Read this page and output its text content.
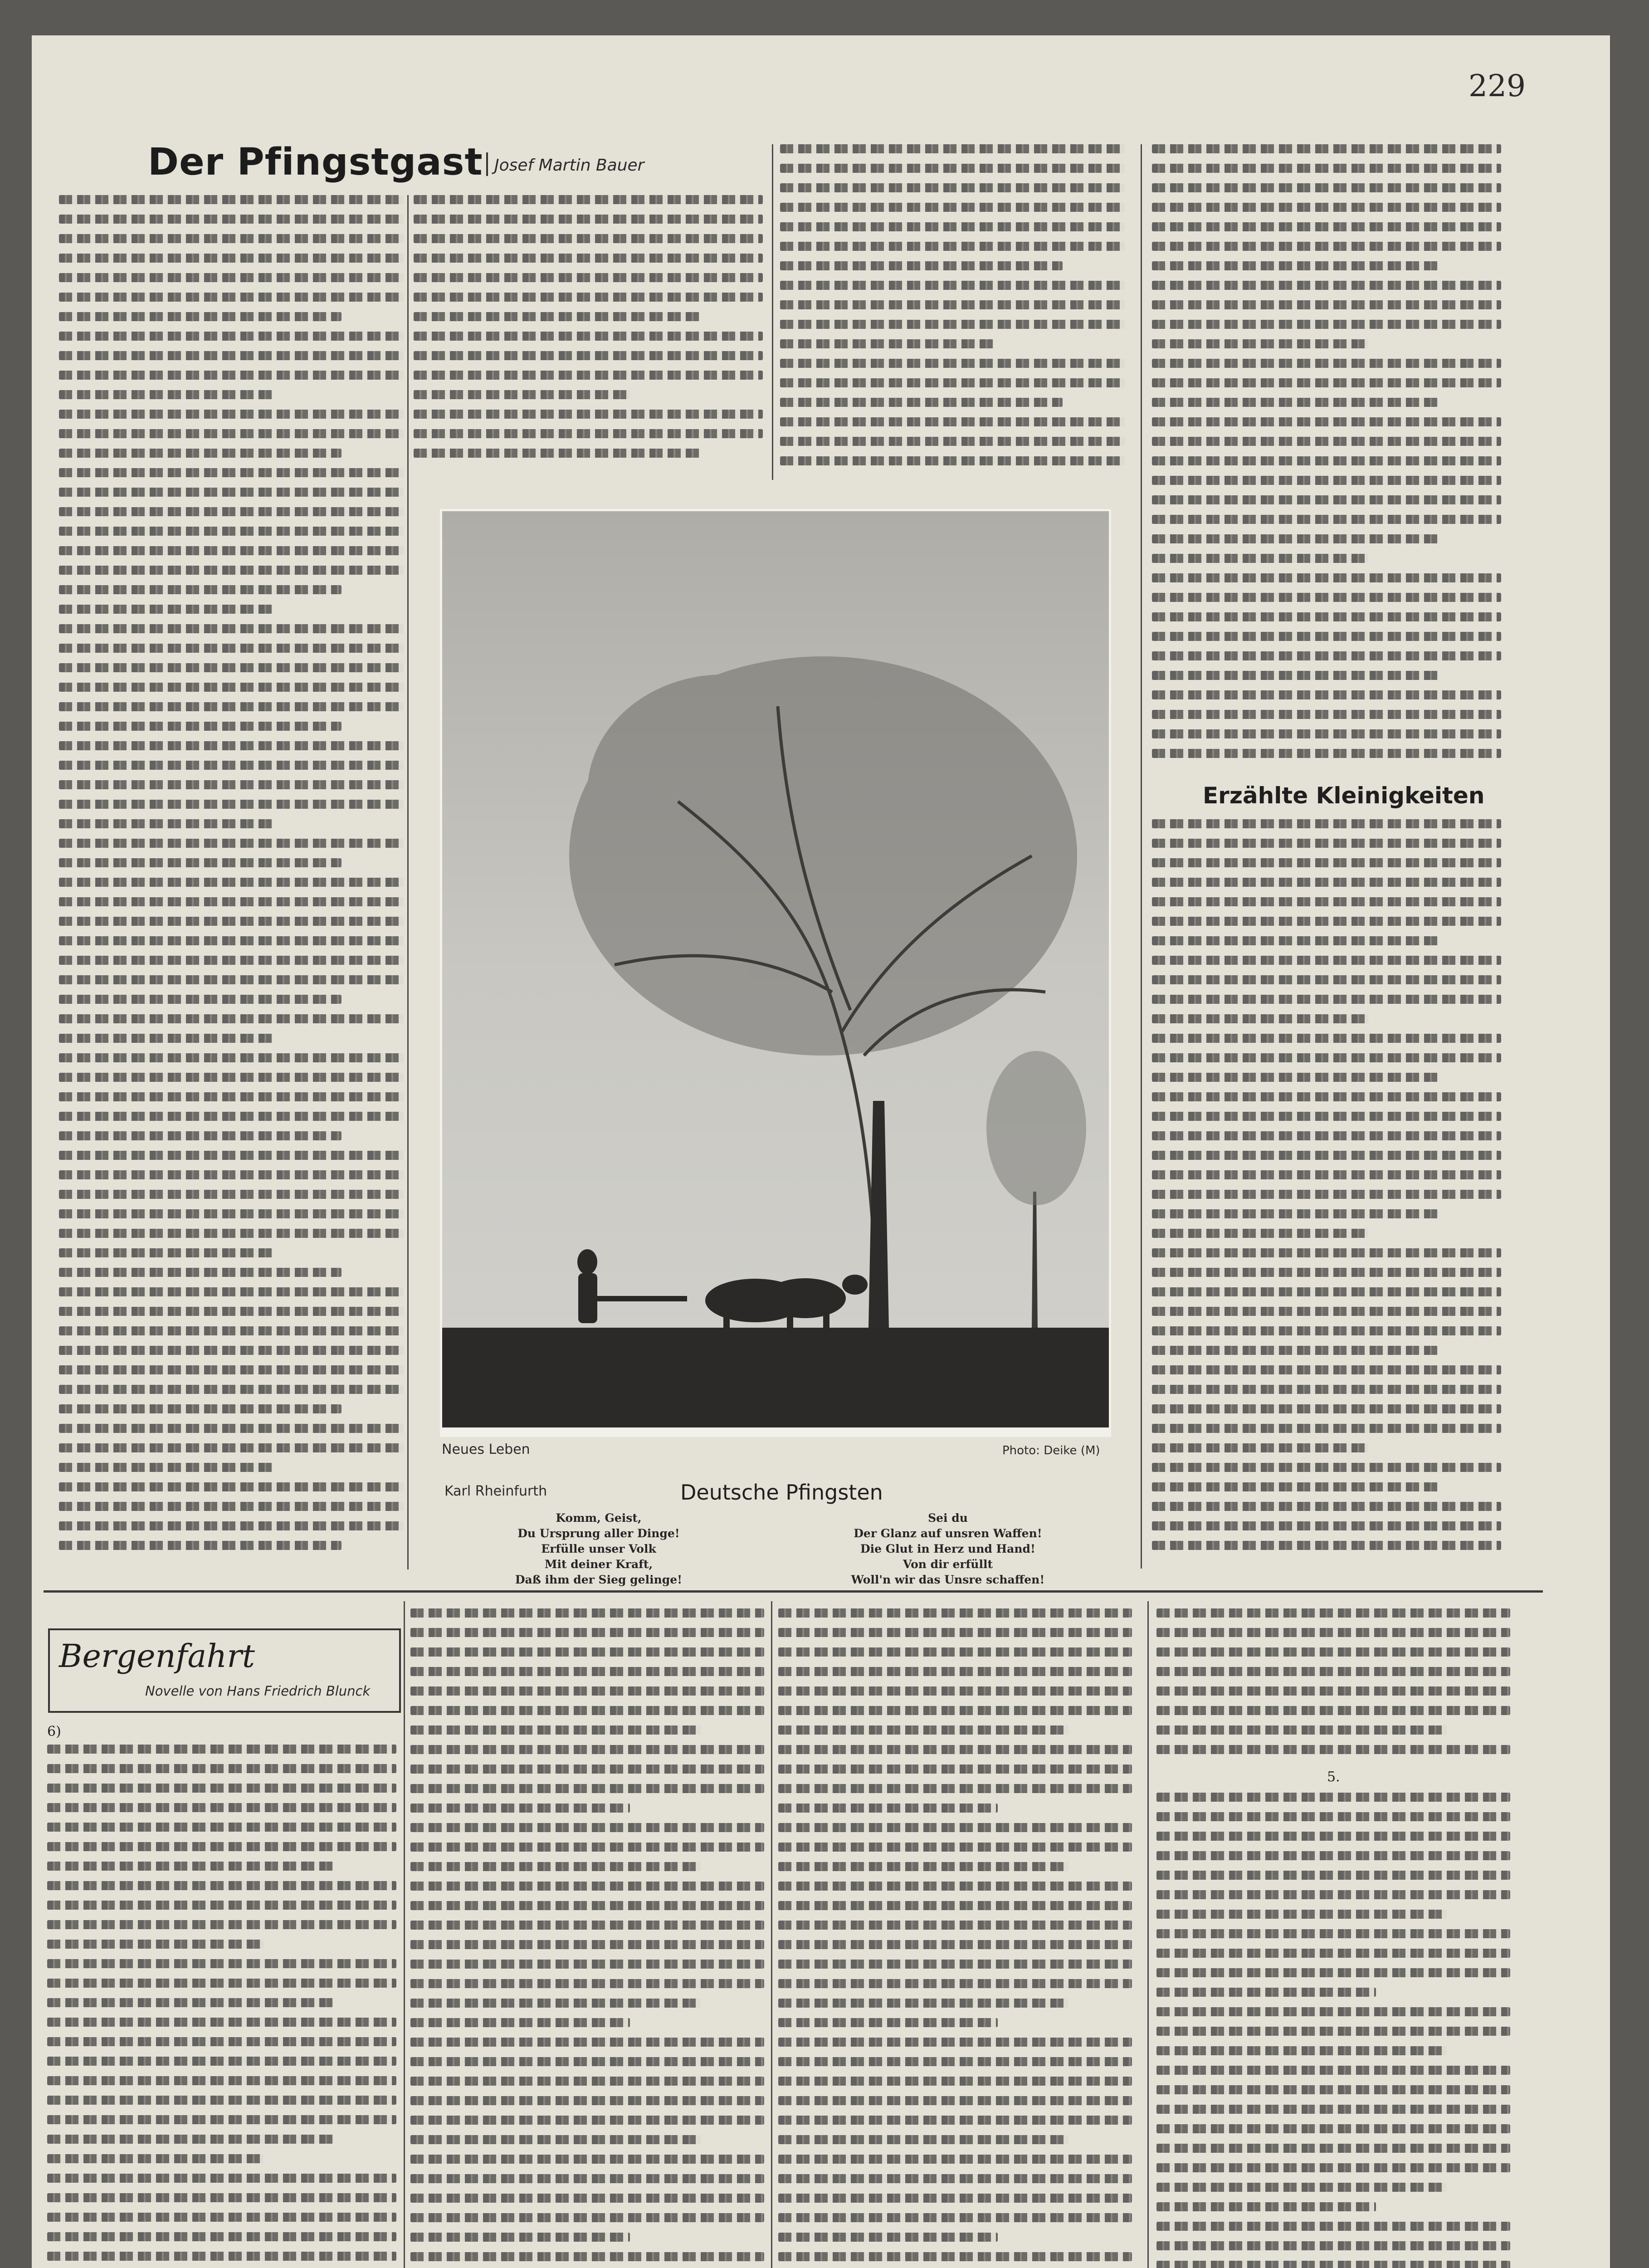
229
Der Pfingstgast Josef Martin Bauer
Neues Leben	Photo: Deike (M)
Karl Rheinfurth	Deutsche Pfingsten
Komm, Geist,
Du Ursprung aller Dinge!
Erfülle unser Volk
Mit deiner Kraft,
Daß ihm der Sieg gelinge!
Sei du
Der Glanz auf unsren Waffen!
Die Glut in Herz und Hand!
Von dir erfüllt
Woll'n wir das Unsre schaffen!
Erzählte Kleinigkeiten
Bergenfahrt
Novelle von Hans Friedrich Blunck
6)
5.
